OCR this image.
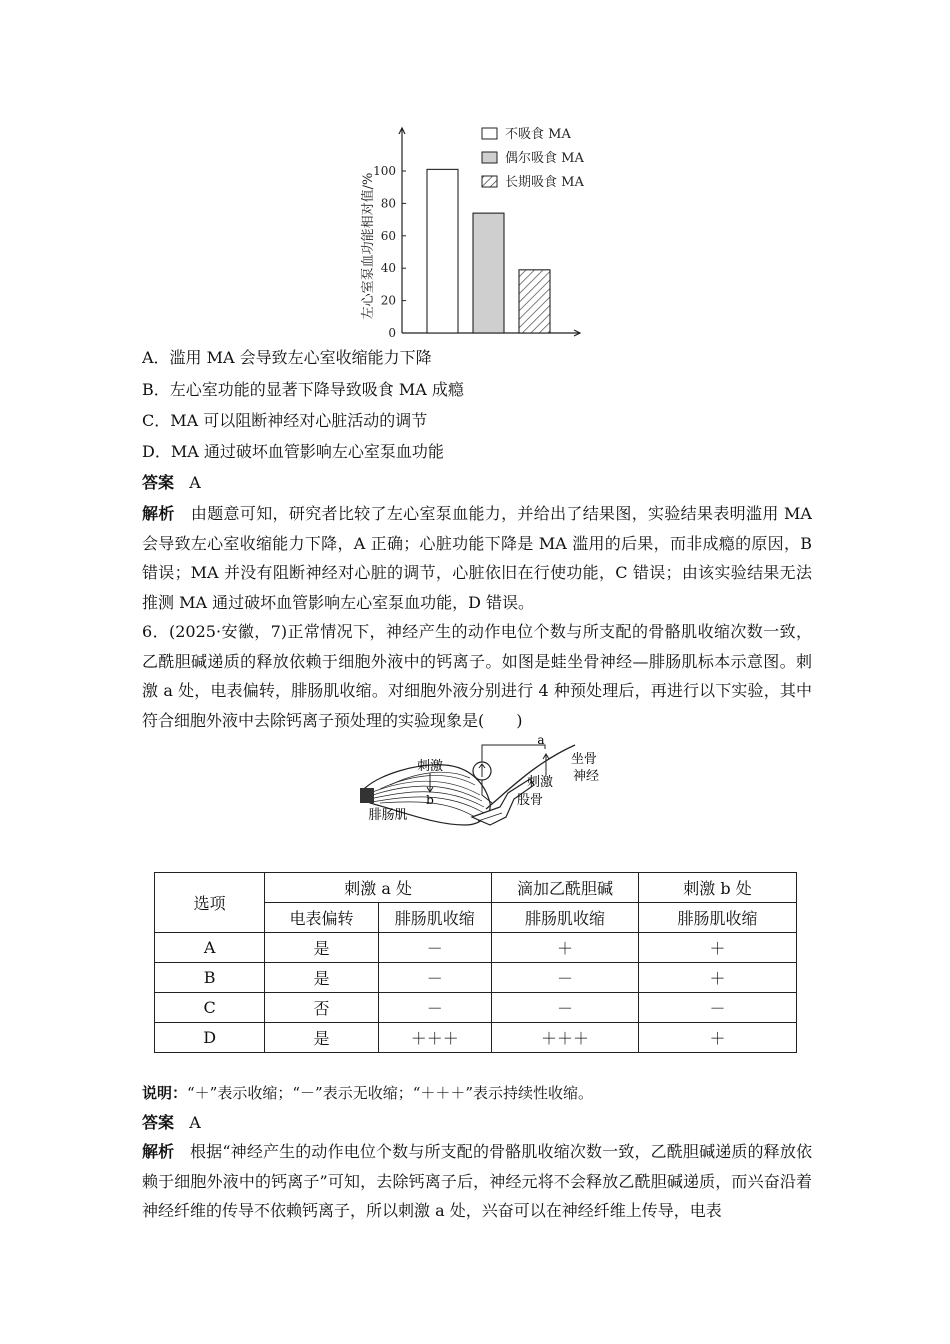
0
20
40
60
80
100
不吸食 MA
偶尔吸食 MA
长期吸食 MA
左心室泵血功能相对值/%
A．滥用 MA 会导致左心室收缩能力下降
B．左心室功能的显著下降导致吸食 MA 成瘾
C．MA 可以阻断神经对心脏活动的调节
D．MA 通过破坏血管影响左心室泵血功能
答案 A
解析 由题意可知，研究者比较了左心室泵血能力，并给出了结果图，实验结果表明滥用 MA 会导致左心室收缩能力下降，A 正确；心脏功能下降是 MA 滥用的后果，而非成瘾的原因，B 错误；MA 并没有阻断神经对心脏的调节，心脏依旧在行使功能，C 错误；由该实验结果无法推测 MA 通过破坏血管影响左心室泵血功能，D 错误。
6．(2025·安徽，7)正常情况下，神经产生的动作电位个数与所支配的骨骼肌收缩次数一致，乙酰胆碱递质的释放依赖于细胞外液中的钙离子。如图是蛙坐骨神经—腓肠肌标本示意图。刺激 a 处，电表偏转，腓肠肌收缩。对细胞外液分别进行 4 种预处理后，再进行以下实验，其中符合细胞外液中去除钙离子预处理的实验现象是(　　)
刺激
b
a
刺激
腓肠肌
股骨
坐骨 神经
选项	刺激 a 处		滴加乙酰胆碱	刺激 b 处
	电表偏转	腓肠肌收缩	腓肠肌收缩	腓肠肌收缩
A	是	－	＋	＋
B	是	－	－	＋
C	否	－	－	－
D	是	＋＋＋	＋＋＋	＋
说明：“＋”表示收缩；“－”表示无收缩；“＋＋＋”表示持续性收缩。
答案 A
解析 根据“神经产生的动作电位个数与所支配的骨骼肌收缩次数一致，乙酰胆碱递质的释放依赖于细胞外液中的钙离子”可知，去除钙离子后，神经元将不会释放乙酰胆碱递质，而兴奋沿着神经纤维的传导不依赖钙离子，所以刺激 a 处，兴奋可以在神经纤维上传导，电表
